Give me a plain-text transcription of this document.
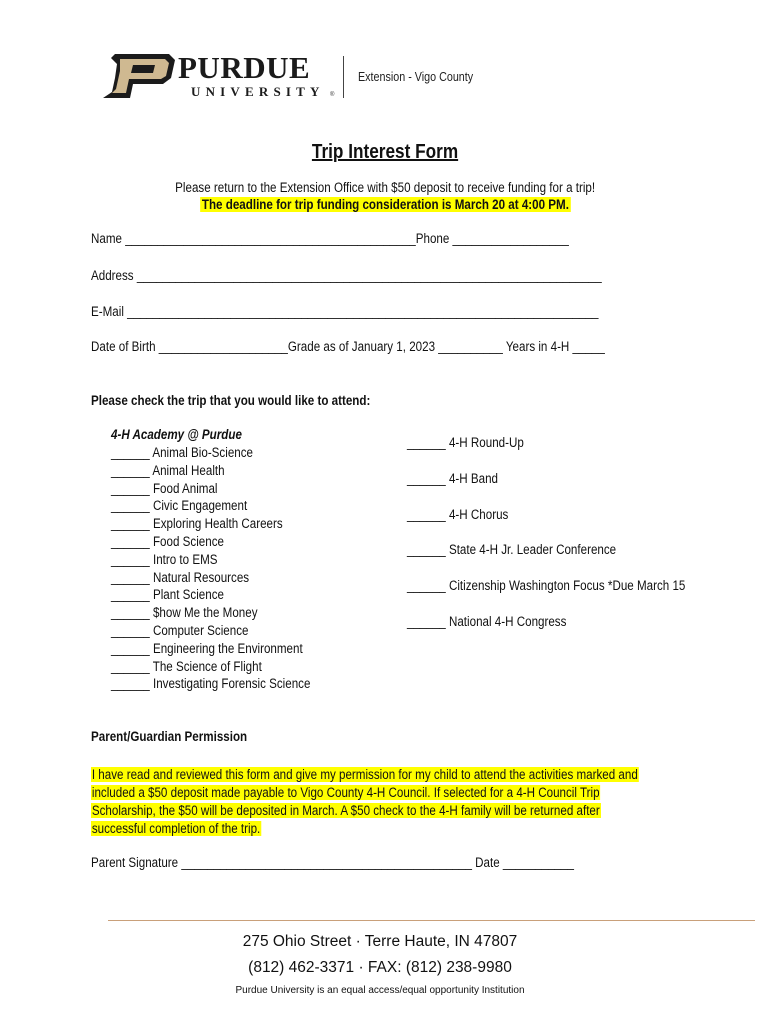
PURDUE
UNIVERSITY ®
Extension - Vigo County
Trip Interest Form
Please return to the Extension Office with $50 deposit to receive funding for a trip!
The deadline for trip funding consideration is March 20 at 4:00 PM.
Name _____________________________________________Phone __________________
Address ________________________________________________________________________
E-Mail _________________________________________________________________________
Date of Birth ____________________Grade as of January 1, 2023 __________ Years in 4-H _____
Please check the trip that you would like to attend:
4-H Academy @ Purdue
______ Animal Bio-Science
______ Animal Health
______ Food Animal
______ Civic Engagement
______ Exploring Health Careers
______ Food Science
______ Intro to EMS
______ Natural Resources
______ Plant Science
______ $how Me the Money
______ Computer Science
______ Engineering the Environment
______ The Science of Flight
______ Investigating Forensic Science
______ 4-H Round-Up
______ 4-H Band
______ 4-H Chorus
______ State 4-H Jr. Leader Conference
______ Citizenship Washington Focus *Due March 15
______ National 4-H Congress
Parent/Guardian Permission
I have read and reviewed this form and give my permission for my child to attend the activities marked and
included a $50 deposit made payable to Vigo County 4-H Council. If selected for a 4-H Council Trip
Scholarship, the $50 will be deposited in March. A $50 check to the 4-H family will be returned after
successful completion of the trip.
Parent Signature _____________________________________________ Date ___________
275 Ohio Street · Terre Haute, IN 47807
(812) 462-3371 · FAX: (812) 238-9980
Purdue University is an equal access/equal opportunity Institution
